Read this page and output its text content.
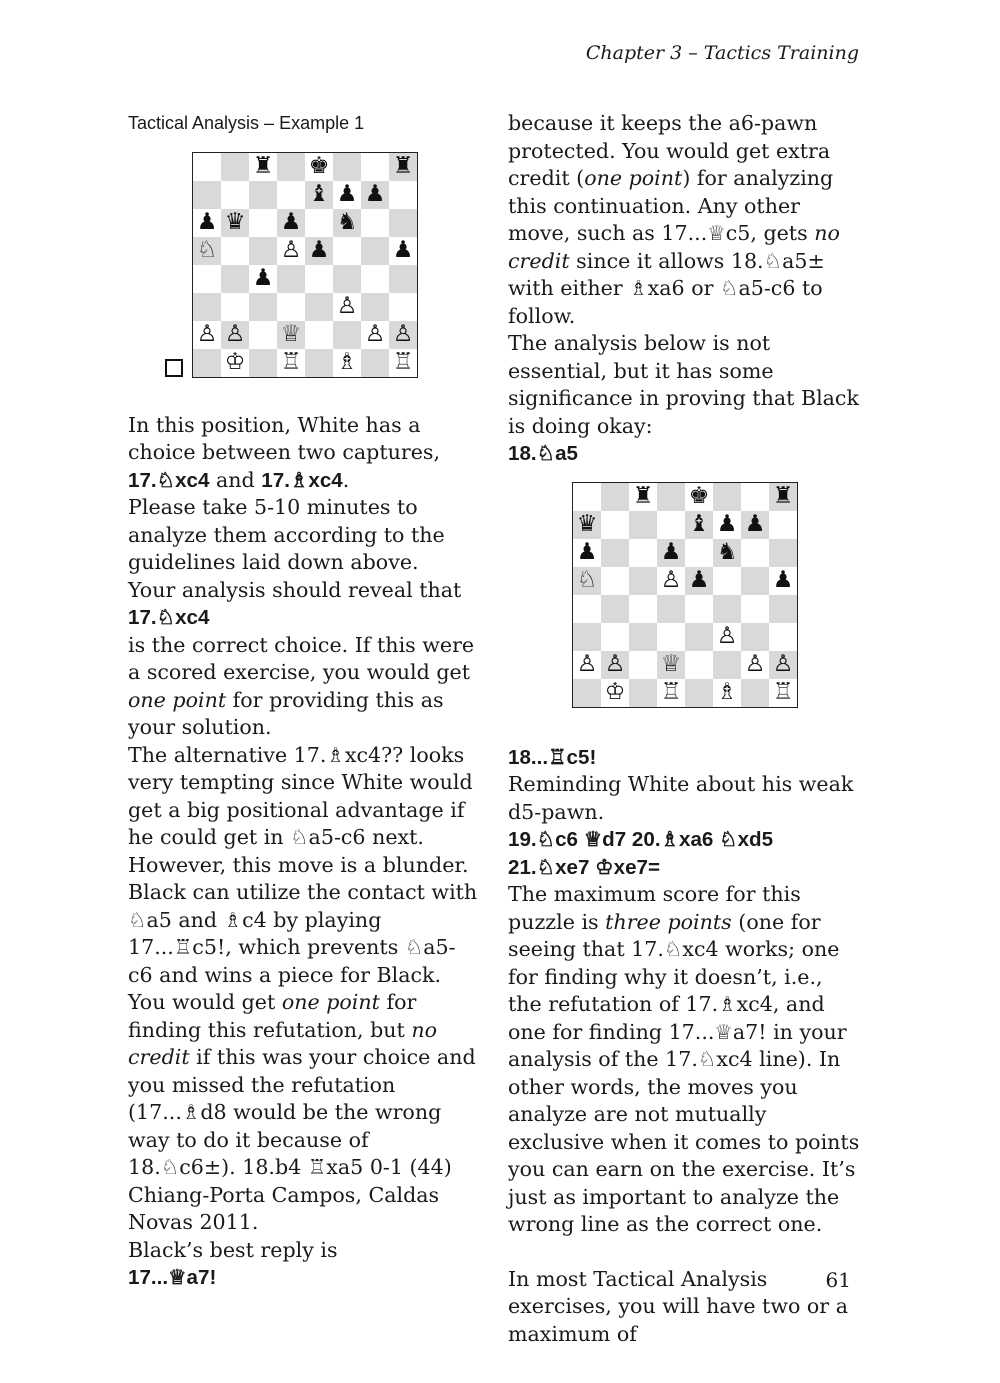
Chapter 3 – Tactics Training
Tactical Analysis – Example 1
♜ ♚	♜
♝ ♟ ♟
♟ ♛ ♟ ♞
♘	♙ ♟	♟
♟
♙
♙ ♙ ♕	♙ ♙
♔ ♖ ♗ ♖

In this position, White has a choice between two captures, 17.♘xc4 and 17.♗xc4.

Please take 5-10 minutes to analyze them according to the guidelines laid down above.

Your analysis should reveal that

17.♘xc4

is the correct choice. If this were a scored exercise, you would get one point for providing this as your solution.

The alternative 17.♗xc4?? looks very tempting since White would get a big positional advantage if he could get in ♘a5-c6 next. However, this move is a blunder. Black can utilize the contact with ♘a5 and ♗c4 by playing 17...♖c5!, which prevents ♘a5-c6 and wins a piece for Black. You would get one point for finding this refutation, but no credit if this was your choice and you missed the refutation (17...♗d8 would be the wrong way to do it because of 18.♘c6±). 18.b4 ♖xa5 0-1 (44) Chiang-Porta Campos, Caldas Novas 2011.

Black’s best reply is

17...♕a7!

because it keeps the a6-pawn protected. You would get extra credit (one point) for analyzing this continuation. Any other move, such as 17...♕c5, gets no credit since it allows 18.♘a5± with either ♗xa6 or ♘a5-c6 to follow.

The analysis below is not essential, but it has some significance in proving that Black is doing okay:

18.♘a5

♜ ♚	♜
♛	♝ ♟ ♟
♟	♟ ♞
♘	♙ ♟	♟
♙
♙ ♙ ♕	♙ ♙
♔ ♖ ♗ ♖

18...♖c5!

Reminding White about his weak d5-pawn.

19.♘c6 ♕d7 20.♗xa6 ♘xd5

21.♘xe7 ♔xe7=

The maximum score for this puzzle is three points (one for seeing that 17.♘xc4 works; one for finding why it doesn’t, i.e., the refutation of 17.♗xc4, and one for finding 17...♕a7! in your analysis of the 17.♘xc4 line). In other words, the moves you analyze are not mutually exclusive when it comes to points you can earn on the exercise. It’s just as important to analyze the wrong line as the correct one.

In most Tactical Analysis exercises, you will have two or a maximum of

61
